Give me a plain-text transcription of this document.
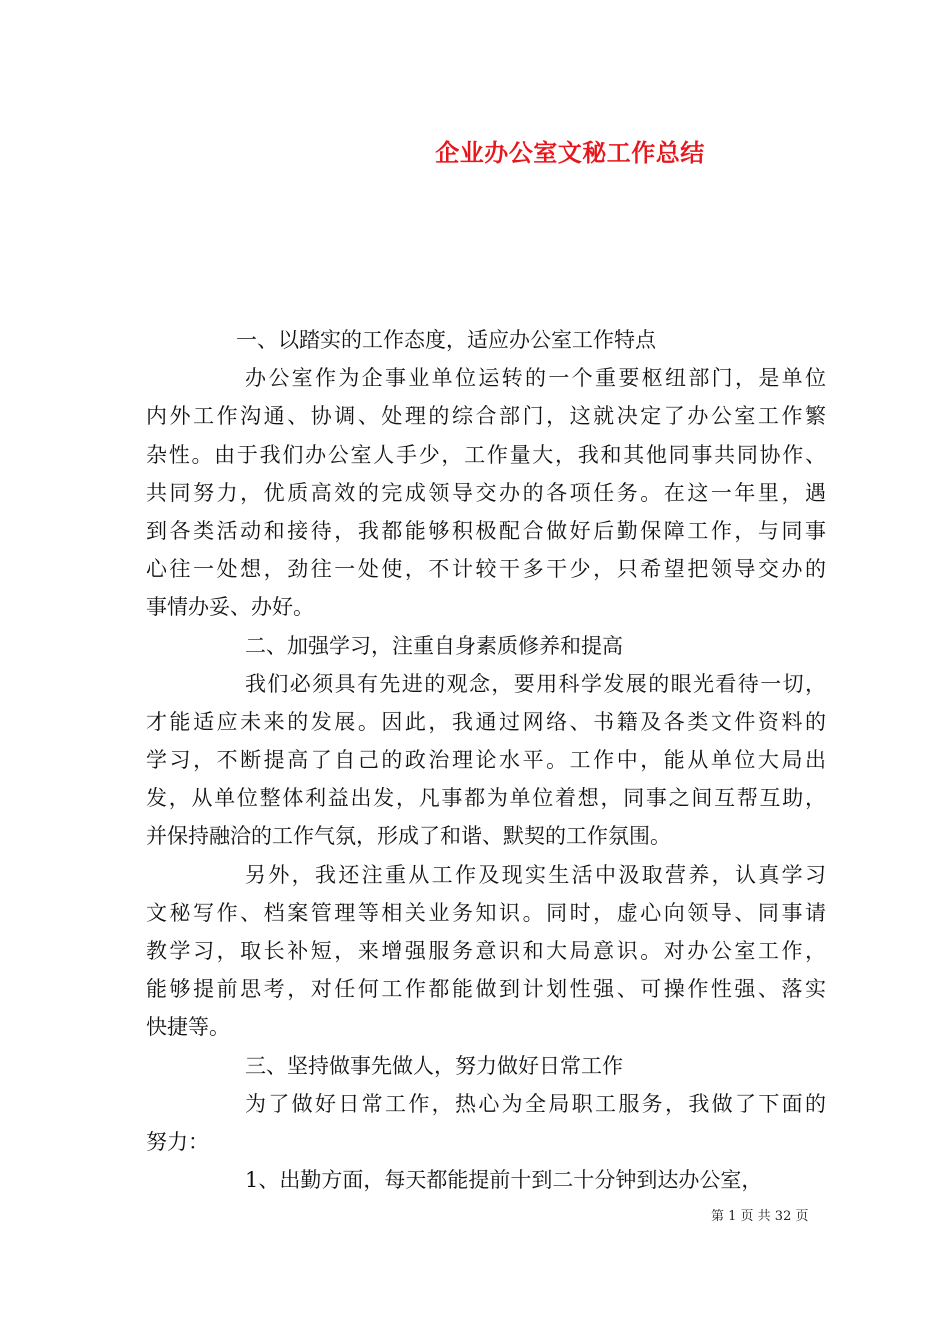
企业办公室文秘工作总结
一、以踏实的工作态度，适应办公室工作特点
办公室作为企事业单位运转的一个重要枢纽部门，是单位
内外工作沟通、协调、处理的综合部门，这就决定了办公室工作繁
杂性。由于我们办公室人手少，工作量大，我和其他同事共同协作、
共同努力，优质高效的完成领导交办的各项任务。在这一年里，遇
到各类活动和接待，我都能够积极配合做好后勤保障工作，与同事
心往一处想，劲往一处使，不计较干多干少，只希望把领导交办的
事情办妥、办好。
二、加强学习，注重自身素质修养和提高
我们必须具有先进的观念，要用科学发展的眼光看待一切，
才能适应未来的发展。因此，我通过网络、书籍及各类文件资料的
学习，不断提高了自己的政治理论水平。工作中，能从单位大局出
发，从单位整体利益出发，凡事都为单位着想，同事之间互帮互助，
并保持融洽的工作气氛，形成了和谐、默契的工作氛围。
另外，我还注重从工作及现实生活中汲取营养，认真学习
文秘写作、档案管理等相关业务知识。同时，虚心向领导、同事请
教学习，取长补短，来增强服务意识和大局意识。对办公室工作，
能够提前思考，对任何工作都能做到计划性强、可操作性强、落实
快捷等。
三、坚持做事先做人，努力做好日常工作
为了做好日常工作，热心为全局职工服务，我做了下面的
努力：
1、出勤方面，每天都能提前十到二十分钟到达办公室，
第 1 页 共 32 页
